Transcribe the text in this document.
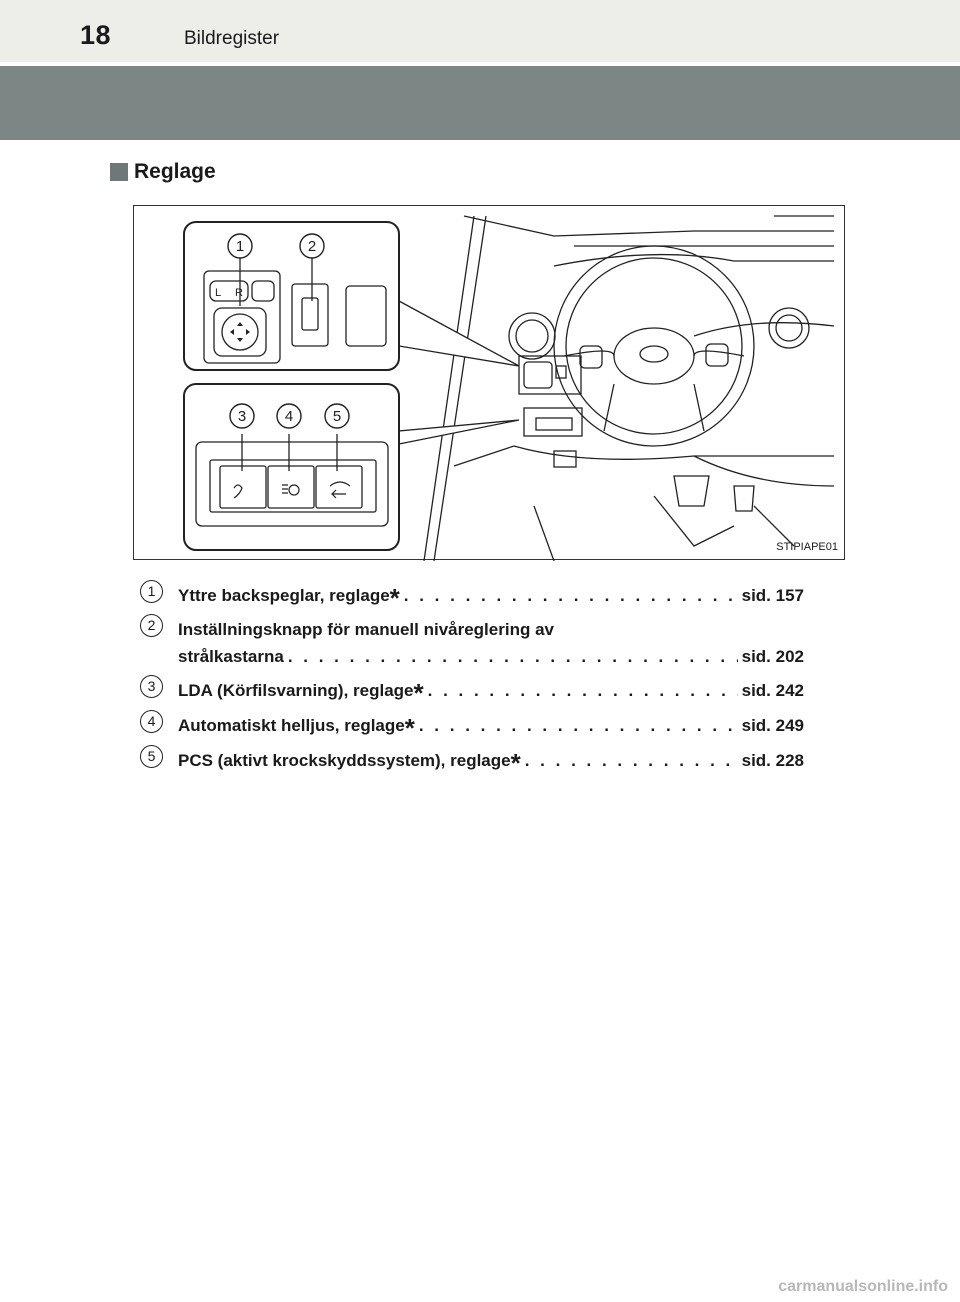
18	Bildregister
Reglage
L R
1	2
3	4	5
STIPIAPE01
1	Yttre backspeglar, reglage* . . .	sid. 157
2	Inställningsknapp för manuell nivåreglering av
strålkastarna . . .	sid. 202
3	LDA (Körfilsvarning), reglage* . . .	sid. 242
4	Automatiskt helljus, reglage* . . .	sid. 249
5	PCS (aktivt krockskyddssystem), reglage* . . .	sid. 228
carmanualsonline.info
